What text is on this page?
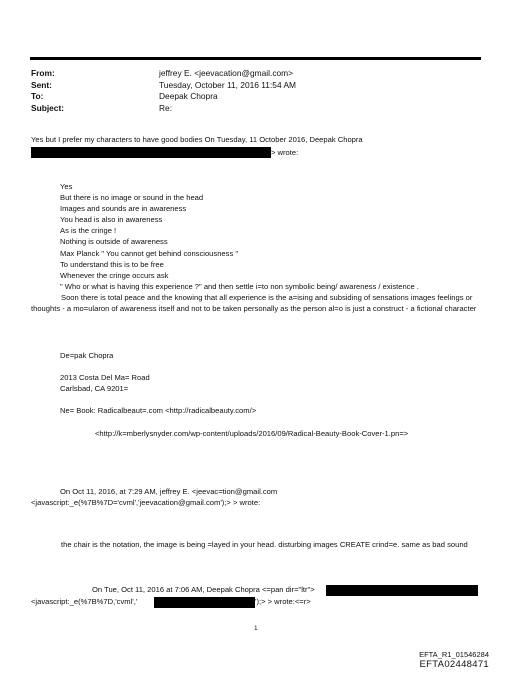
From:	jeffrey E. <jeevacation@gmail.com>
Sent:	Tuesday, October 11, 2016 11:54 AM
To:	Deepak Chopra
Subject:	Re:
Yes but I prefer my characters to have good bodies On Tuesday, 11 October 2016, Deepak Chopra
> wrote:
Yes
But there is no image or sound in the head
Images and sounds are in awareness
You head is also in awareness
As is the cringe !
Nothing is outside of awareness
Max Planck " You cannot get behind consciousness "
To understand this is to be free
Whenever the cringe occurs ask
" Who or what is having this experience ?" and then settle i=to non symbolic being/ awareness / existence .
Soon there is total peace and the knowing that all experience is the a=ising and subsiding of sensations images feelings or thoughts - a mo=ularon of awareness itself and not to be taken personally as the person al=o is just a construct - a fictional character
De=pak Chopra
2013 Costa Del Ma= Road
Carlsbad, CA 9201=
Ne= Book: Radicalbeaut=.com <http://radicalbeauty.com/>
<http://k=mberlysnyder.com/wp-content/uploads/2016/09/Radical-Beauty-Book-Cover-1.pn=>
On Oct 11, 2016, at 7:29 AM, jeffrey E. <jeevac=tion@gmail.com
<javascript:_e(%7B%7D='cvml','jeevacation@gmail.com');> > wrote:
the chair is the notation, the image is being =layed in your head. disturbing images CREATE crind=e. same as bad sound
On Tue, Oct 11, 2016 at 7:06 AM, Deepak Chopra <=pan dir="ltr">
<javascript:_e(%7B%7D,'cvml','	');> > wrote:<=r>
1
EFTA_R1_01546284
EFTA02448471
